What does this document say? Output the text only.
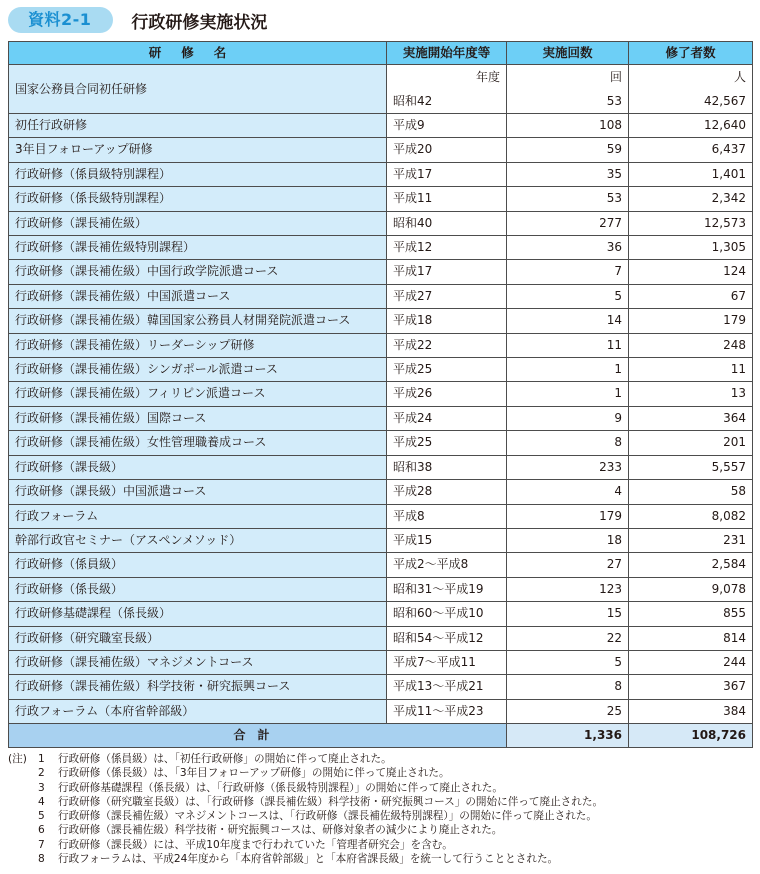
資料2-1	行政研修実施状況
研修名	実施開始年度等	実施回数	修了者数
国家公務員合同初任研修	年度	回	人
	昭和42	53	42,567
初任行政研修	平成9	108	12,640
3年目フォローアップ研修	平成20	59	6,437
行政研修（係員級特別課程）	平成17	35	1,401
行政研修（係長級特別課程）	平成11	53	2,342
行政研修（課長補佐級）	昭和40	277	12,573
行政研修（課長補佐級特別課程）	平成12	36	1,305
行政研修（課長補佐級）中国行政学院派遣コース	平成17	7	124
行政研修（課長補佐級）中国派遣コース	平成27	5	67
行政研修（課長補佐級）韓国国家公務員人材開発院派遣コース	平成18	14	179
行政研修（課長補佐級）リーダーシップ研修	平成22	11	248
行政研修（課長補佐級）シンガポール派遣コース	平成25	1	11
行政研修（課長補佐級）フィリピン派遣コース	平成26	1	13
行政研修（課長補佐級）国際コース	平成24	9	364
行政研修（課長補佐級）女性管理職養成コース	平成25	8	201
行政研修（課長級）	昭和38	233	5,557
行政研修（課長級）中国派遣コース	平成28	4	58
行政フォーラム	平成8	179	8,082
幹部行政官セミナー（アスペンメソッド）	平成15	18	231
行政研修（係員級）	平成2〜平成8	27	2,584
行政研修（係長級）	昭和31〜平成19	123	9,078
行政研修基礎課程（係長級）	昭和60〜平成10	15	855
行政研修（研究職室長級）	昭和54〜平成12	22	814
行政研修（課長補佐級）マネジメントコース	平成7〜平成11	5	244
行政研修（課長補佐級）科学技術・研究振興コース	平成13〜平成21	8	367
行政フォーラム（本府省幹部級）	平成11〜平成23	25	384
合計		1,336	108,726
(注)	1	行政研修（係員級）は、「初任行政研修」の開始に伴って廃止された。
2	行政研修（係長級）は、「3年目フォローアップ研修」の開始に伴って廃止された。
3	行政研修基礎課程（係長級）は、「行政研修（係長級特別課程）」の開始に伴って廃止された。
4	行政研修（研究職室長級）は、「行政研修（課長補佐級）科学技術・研究振興コース」の開始に伴って廃止された。
5	行政研修（課長補佐級）マネジメントコースは、「行政研修（課長補佐級特別課程）」の開始に伴って廃止された。
6	行政研修（課長補佐級）科学技術・研究振興コースは、研修対象者の減少により廃止された。
7	行政研修（課長級）には、平成10年度まで行われていた「管理者研究会」を含む。
8	行政フォーラムは、平成24年度から「本府省幹部級」と「本府省課長級」を統一して行うこととされた。
